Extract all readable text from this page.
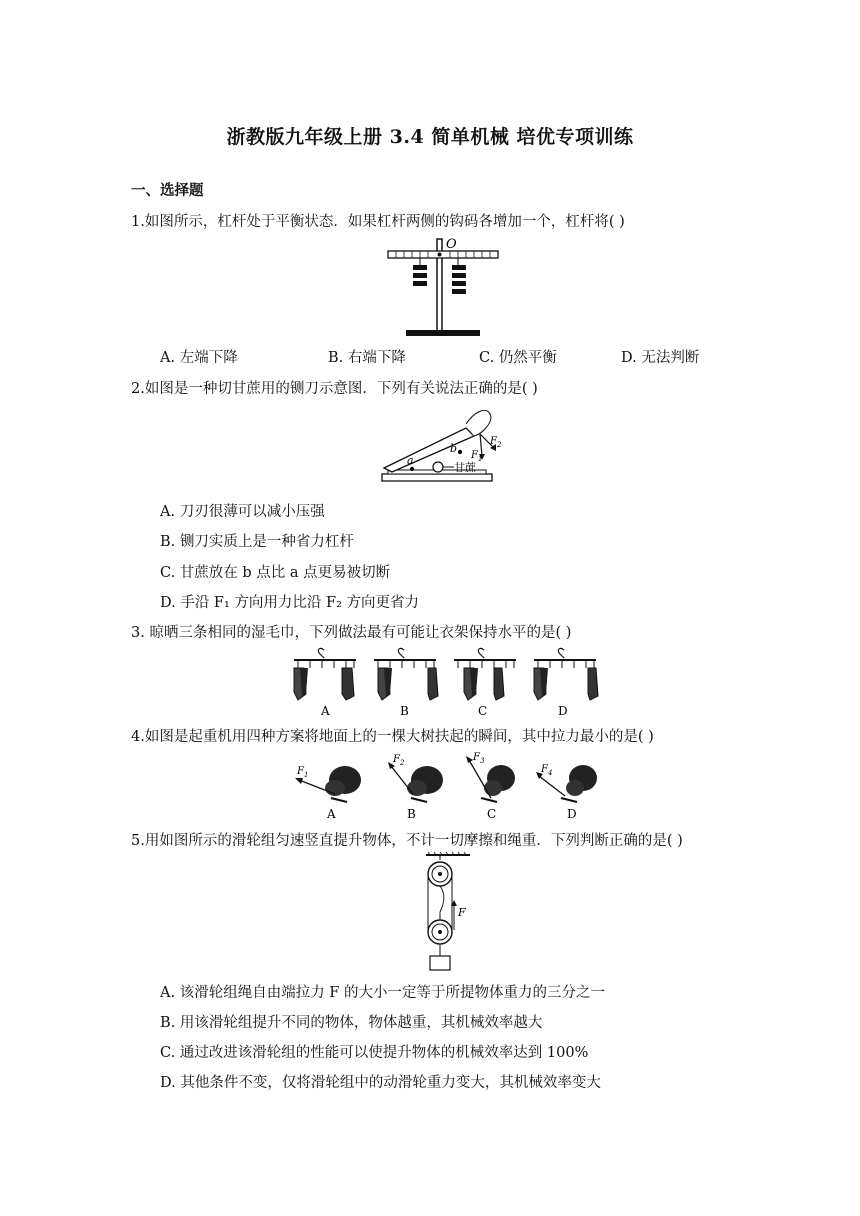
浙教版九年级上册 3.4 简单机械 培优专项训练
一、选择题
1.如图所示，杠杆处于平衡状态．如果杠杆两侧的钩码各增加一个，杠杆将( )
O
A. 左端下降	B. 右端下降	C. 仍然平衡	D. 无法判断
2.如图是一种切甘蔗用的铡刀示意图．下列有关说法正确的是( )
a
b
$F_1$
$F_2$
甘蔗
A. 刀刃很薄可以减小压强
B. 铡刀实质上是一种省力杠杆
C. 甘蔗放在 b 点比 a 点更易被切断
D. 手沿 F₁ 方向用力比沿 F₂ 方向更省力
3. 晾晒三条相同的湿毛巾，下列做法最有可能让衣架保持水平的是( )
A	B	C	D
4.如图是起重机用四种方案将地面上的一棵大树扶起的瞬间，其中拉力最小的是( )
$F_1$
$F_2$	$F_3$
$F_4$
A	B	C	D
5.用如图所示的滑轮组匀速竖直提升物体，不计一切摩擦和绳重．下列判断正确的是( )
F
A. 该滑轮组绳自由端拉力 F 的大小一定等于所提物体重力的三分之一
B. 用该滑轮组提升不同的物体，物体越重，其机械效率越大
C. 通过改进该滑轮组的性能可以使提升物体的机械效率达到 100%
D. 其他条件不变，仅将滑轮组中的动滑轮重力变大，其机械效率变大
